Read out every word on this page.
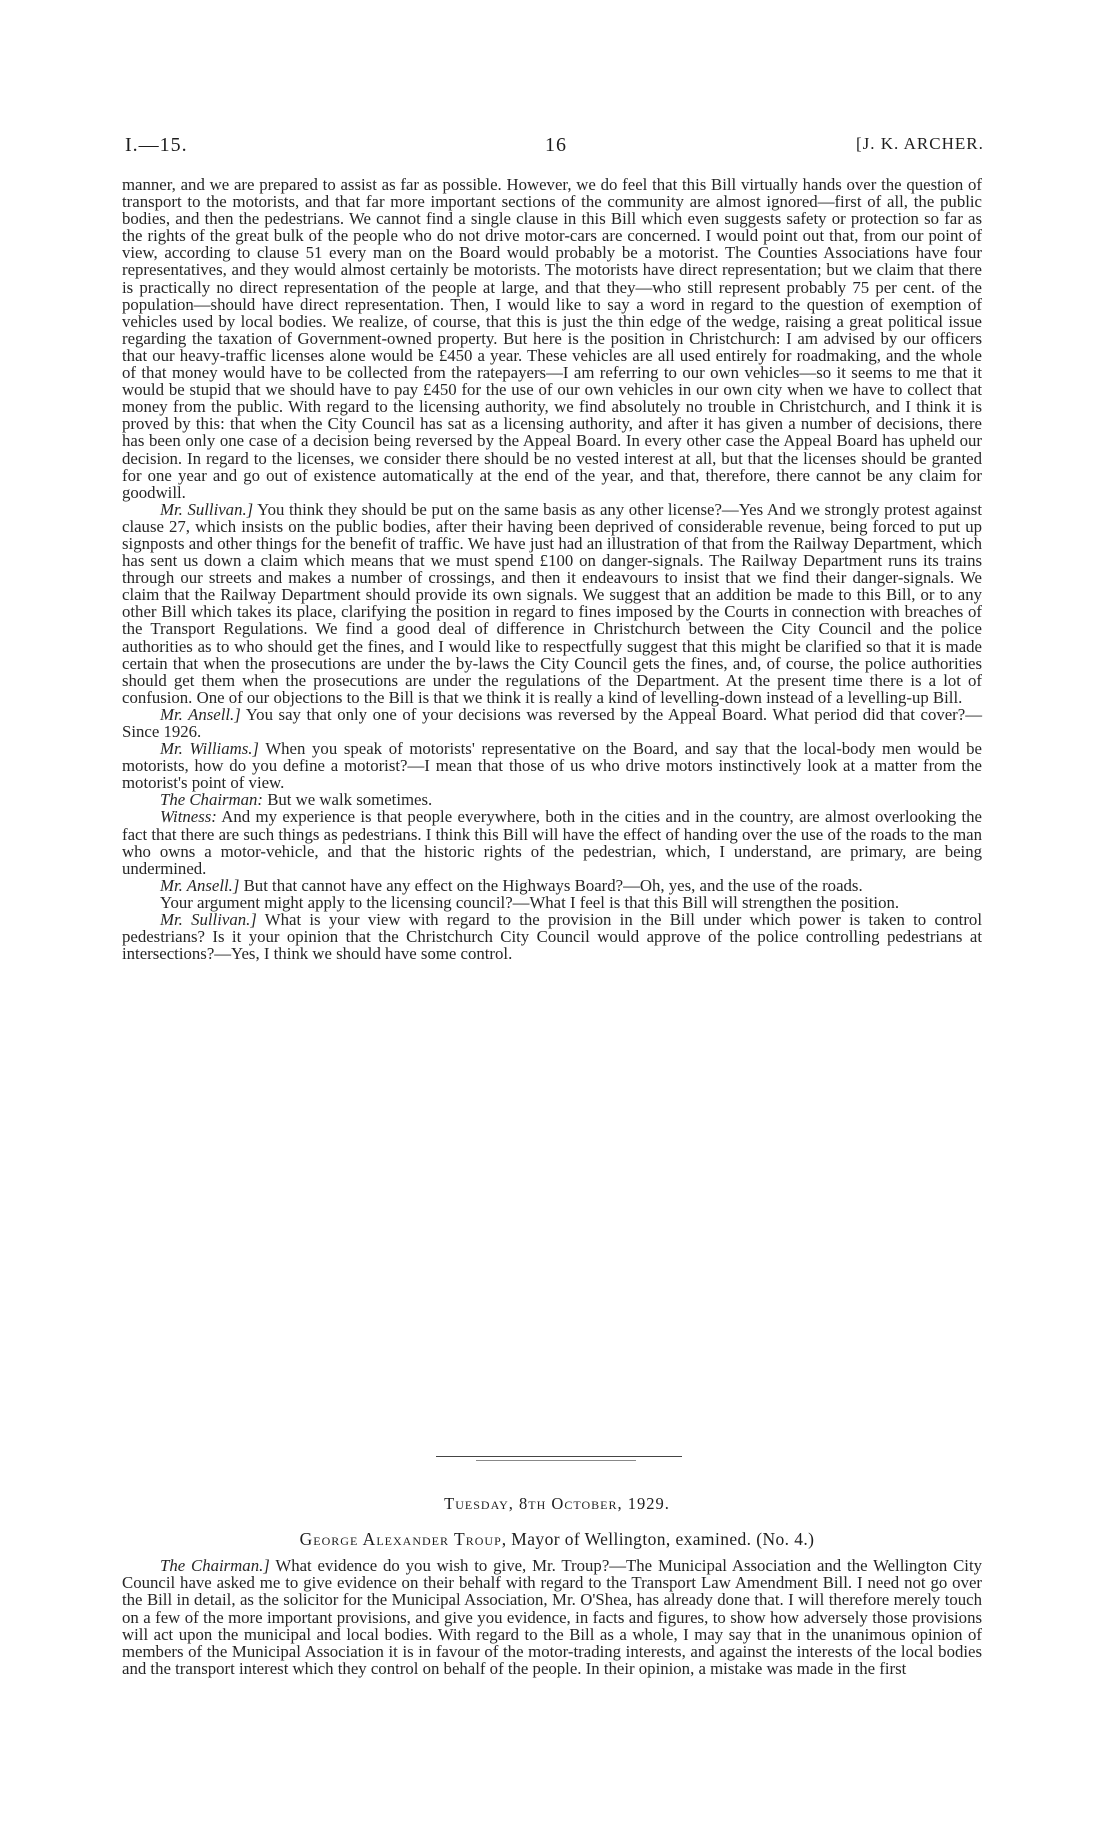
I.—15.	16	[J. K. ARCHER.

manner, and we are prepared to assist as far as possible. However, we do feel that this Bill virtually hands over the question of transport to the motorists, and that far more important sections of the community are almost ignored—first of all, the public bodies, and then the pedestrians. We cannot find a single clause in this Bill which even suggests safety or protection so far as the rights of the great bulk of the people who do not drive motor-cars are concerned. I would point out that, from our point of view, according to clause 51 every man on the Board would probably be a motorist. The Counties Associations have four representatives, and they would almost certainly be motorists. The motorists have direct representation; but we claim that there is practically no direct representation of the people at large, and that they—who still represent probably 75 per cent. of the population—should have direct representation. Then, I would like to say a word in regard to the question of exemption of vehicles used by local bodies. We realize, of course, that this is just the thin edge of the wedge, raising a great political issue regarding the taxation of Government-owned property. But here is the position in Christchurch: I am advised by our officers that our heavy-traffic licenses alone would be £450 a year. These vehicles are all used entirely for roadmaking, and the whole of that money would have to be collected from the ratepayers—I am referring to our own vehicles—so it seems to me that it would be stupid that we should have to pay £450 for the use of our own vehicles in our own city when we have to collect that money from the public. With regard to the licensing authority, we find absolutely no trouble in Christchurch, and I think it is proved by this: that when the City Council has sat as a licensing authority, and after it has given a number of decisions, there has been only one case of a decision being reversed by the Appeal Board. In every other case the Appeal Board has upheld our decision. In regard to the licenses, we consider there should be no vested interest at all, but that the licenses should be granted for one year and go out of existence automatically at the end of the year, and that, therefore, there cannot be any claim for goodwill.

Mr. Sullivan.] You think they should be put on the same basis as any other license?—Yes And we strongly protest against clause 27, which insists on the public bodies, after their having been deprived of considerable revenue, being forced to put up signposts and other things for the benefit of traffic. We have just had an illustration of that from the Railway Department, which has sent us down a claim which means that we must spend £100 on danger-signals. The Railway Department runs its trains through our streets and makes a number of crossings, and then it endeavours to insist that we find their danger-signals. We claim that the Railway Department should provide its own signals. We suggest that an addition be made to this Bill, or to any other Bill which takes its place, clarifying the position in regard to fines imposed by the Courts in connection with breaches of the Transport Regulations. We find a good deal of difference in Christchurch between the City Council and the police authorities as to who should get the fines, and I would like to respectfully suggest that this might be clarified so that it is made certain that when the prosecutions are under the by-laws the City Council gets the fines, and, of course, the police authorities should get them when the prosecutions are under the regulations of the Department. At the present time there is a lot of confusion. One of our objections to the Bill is that we think it is really a kind of levelling-down instead of a levelling-up Bill.

Mr. Ansell.] You say that only one of your decisions was reversed by the Appeal Board. What period did that cover?—Since 1926.

Mr. Williams.] When you speak of motorists' representative on the Board, and say that the local-body men would be motorists, how do you define a motorist?—I mean that those of us who drive motors instinctively look at a matter from the motorist's point of view.

The Chairman: But we walk sometimes.

Witness: And my experience is that people everywhere, both in the cities and in the country, are almost overlooking the fact that there are such things as pedestrians. I think this Bill will have the effect of handing over the use of the roads to the man who owns a motor-vehicle, and that the historic rights of the pedestrian, which, I understand, are primary, are being undermined.

Mr. Ansell.] But that cannot have any effect on the Highways Board?—Oh, yes, and the use of the roads.

Your argument might apply to the licensing council?—What I feel is that this Bill will strengthen the position.

Mr. Sullivan.] What is your view with regard to the provision in the Bill under which power is taken to control pedestrians? Is it your opinion that the Christchurch City Council would approve of the police controlling pedestrians at intersections?—Yes, I think we should have some control.

Tuesday, 8th October, 1929.
George Alexander Troup, Mayor of Wellington, examined. (No. 4.)

The Chairman.] What evidence do you wish to give, Mr. Troup?—The Municipal Association and the Wellington City Council have asked me to give evidence on their behalf with regard to the Transport Law Amendment Bill. I need not go over the Bill in detail, as the solicitor for the Municipal Association, Mr. O'Shea, has already done that. I will therefore merely touch on a few of the more important provisions, and give you evidence, in facts and figures, to show how adversely those provisions will act upon the municipal and local bodies. With regard to the Bill as a whole, I may say that in the unanimous opinion of members of the Municipal Association it is in favour of the motor-trading interests, and against the interests of the local bodies and the transport interest which they control on behalf of the people. In their opinion, a mistake was made in the first
